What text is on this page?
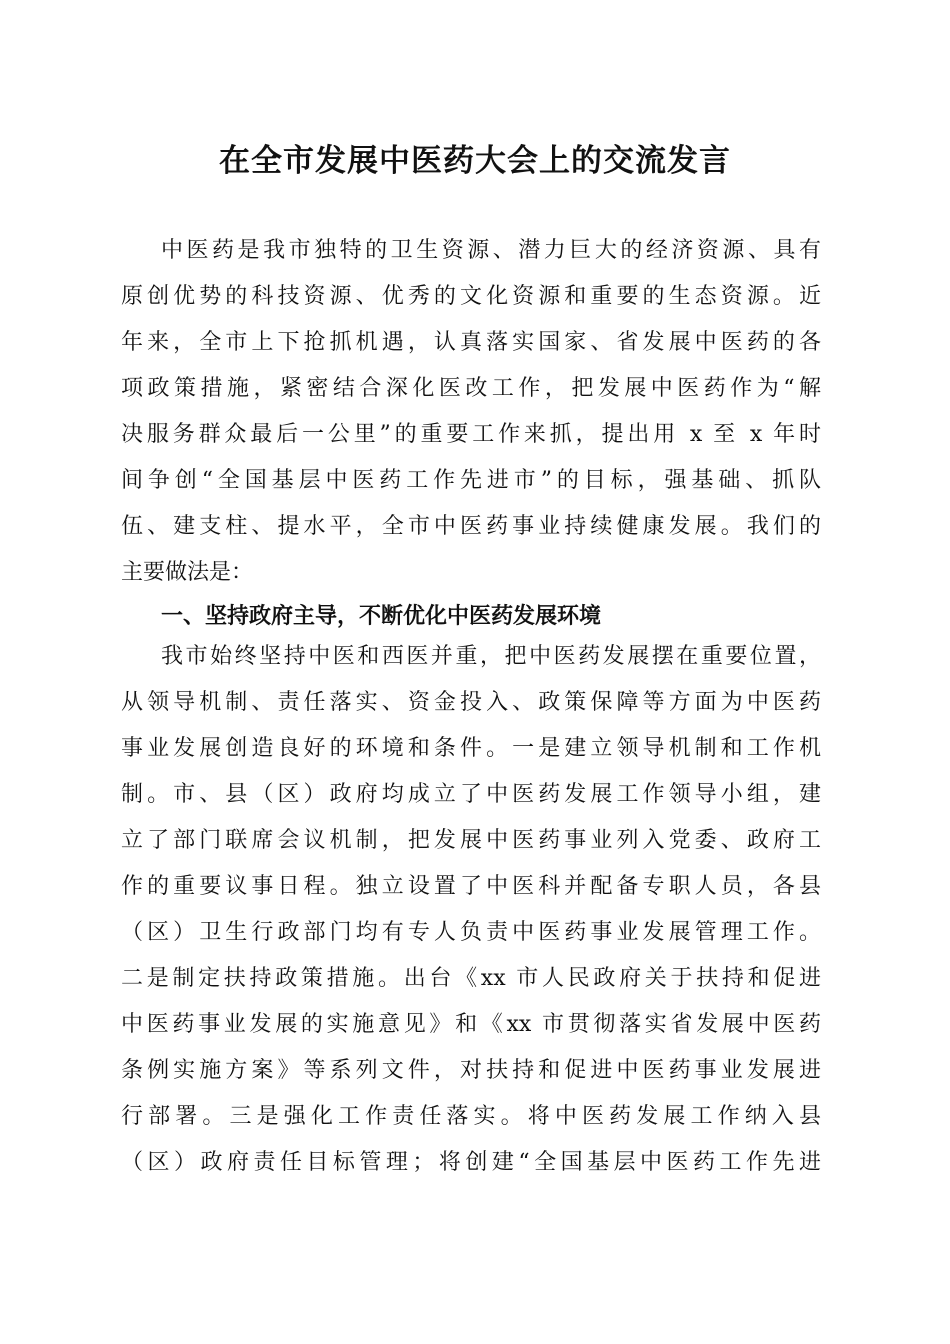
在全市发展中医药大会上的交流发言

中医药是我市独特的卫生资源、潜力巨大的经济资源、具有

原创优势的科技资源、优秀的文化资源和重要的生态资源。近

年来，全市上下抢抓机遇，认真落实国家、省发展中医药的各

项政策措施，紧密结合深化医改工作，把发展中医药作为“解

决服务群众最后一公里”的重要工作来抓，提出用 x 至 x 年时

间争创“全国基层中医药工作先进市”的目标，强基础、抓队

伍、建支柱、提水平，全市中医药事业持续健康发展。我们的

主要做法是：

一、坚持政府主导，不断优化中医药发展环境

我市始终坚持中医和西医并重，把中医药发展摆在重要位置，

从领导机制、责任落实、资金投入、政策保障等方面为中医药

事业发展创造良好的环境和条件。一是建立领导机制和工作机

制。市、县（区）政府均成立了中医药发展工作领导小组，建

立了部门联席会议机制，把发展中医药事业列入党委、政府工

作的重要议事日程。独立设置了中医科并配备专职人员，各县

（区）卫生行政部门均有专人负责中医药事业发展管理工作。

二是制定扶持政策措施。出台《xx 市人民政府关于扶持和促进

中医药事业发展的实施意见》和《xx 市贯彻落实省发展中医药

条例实施方案》等系列文件，对扶持和促进中医药事业发展进

行部署。三是强化工作责任落实。将中医药发展工作纳入县

（区）政府责任目标管理；将创建“全国基层中医药工作先进
